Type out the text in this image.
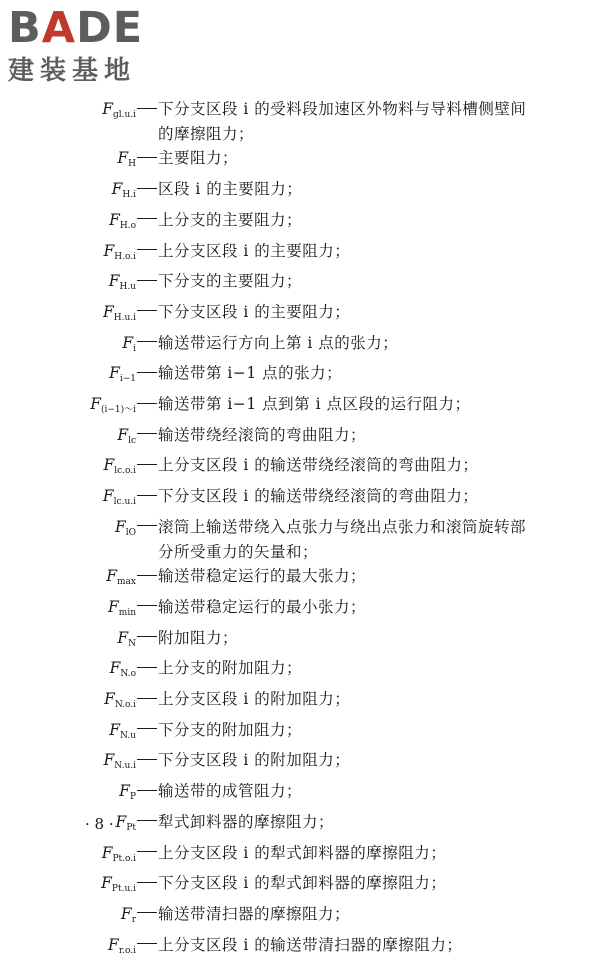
BADE
建装基地
$F_{gl.u.i}$	下分支区段 i 的受料段加速区外物料与导料槽侧壁间的摩擦阻力；
$F_H$	主要阻力；
$F_{H.i}$	区段 i 的主要阻力；
$F_{H.o}$	上分支的主要阻力；
$F_{H.o.i}$	上分支区段 i 的主要阻力；
$F_{H.u}$	下分支的主要阻力；
$F_{H.u.i}$	下分支区段 i 的主要阻力；
$F_i$	输送带运行方向上第 i 点的张力；
$F_{i-1}$	输送带第 i−1 点的张力；
$F_{(i-1)\sim i}$	输送带第 i−1 点到第 i 点区段的运行阻力；
$F_{lc}$	输送带绕经滚筒的弯曲阻力；
$F_{lc.o.i}$	上分支区段 i 的输送带绕经滚筒的弯曲阻力；
$F_{lc.u.i}$	下分支区段 i 的输送带绕经滚筒的弯曲阻力；
$F_{lO}$	滚筒上输送带绕入点张力与绕出点张力和滚筒旋转部分所受重力的矢量和；
$F_{max}$	输送带稳定运行的最大张力；
$F_{min}$	输送带稳定运行的最小张力；
$F_N$	附加阻力；
$F_{N.o}$	上分支的附加阻力；
$F_{N.o.i}$	上分支区段 i 的附加阻力；
$F_{N.u}$	下分支的附加阻力；
$F_{N.u.i}$	下分支区段 i 的附加阻力；
$F_P$	输送带的成管阻力；
$F_{Pt}$	犁式卸料器的摩擦阻力；
$F_{Pt.o.i}$	上分支区段 i 的犁式卸料器的摩擦阻力；
$F_{Pt.u.i}$	下分支区段 i 的犁式卸料器的摩擦阻力；
$F_r$	输送带清扫器的摩擦阻力；
$F_{r.o.i}$	上分支区段 i 的输送带清扫器的摩擦阻力；
· 8 ·
